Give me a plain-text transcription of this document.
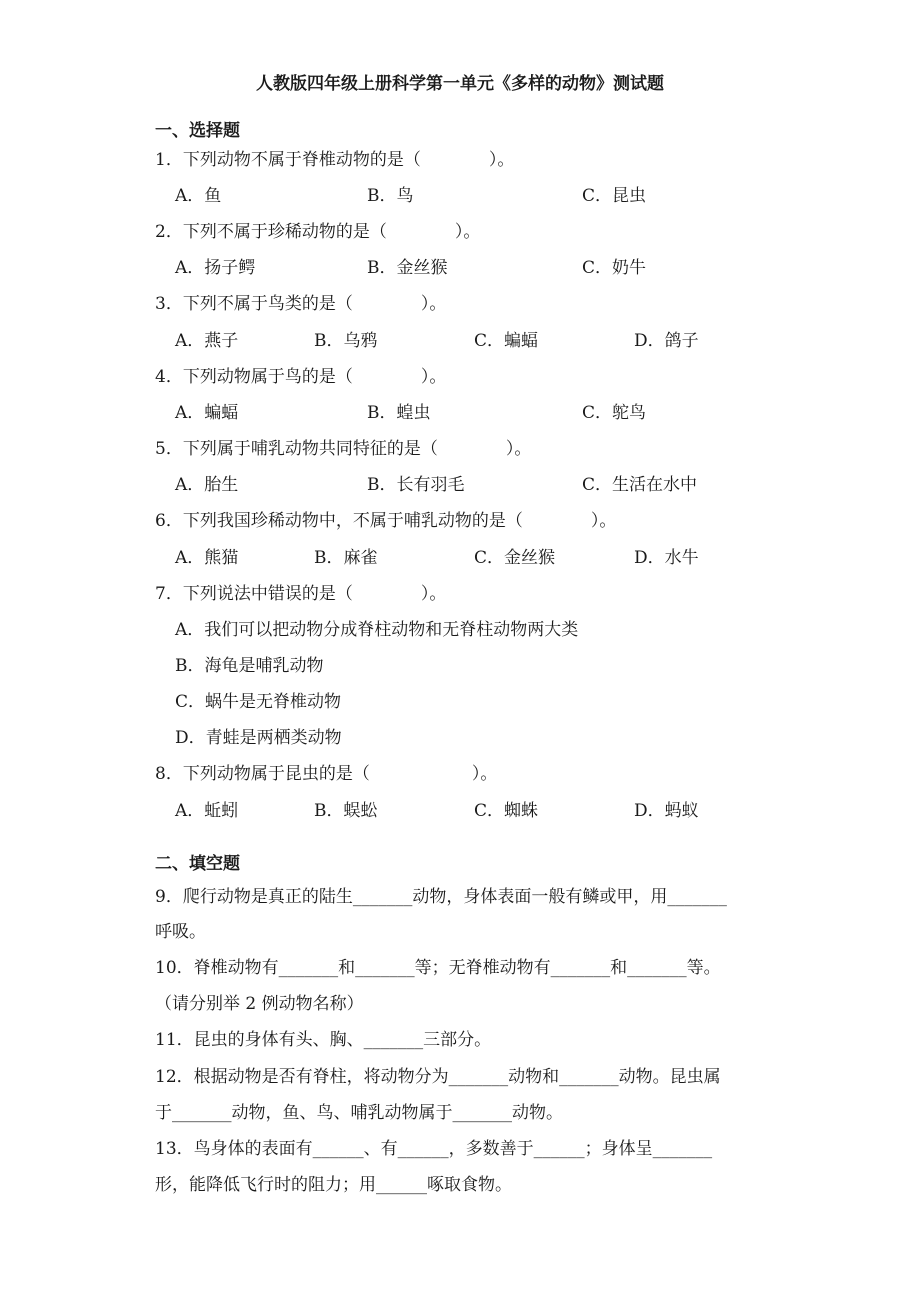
人教版四年级上册科学第一单元《多样的动物》测试题
一、选择题
1．下列动物不属于脊椎动物的是（　　　　）。
A．鱼	B．鸟	C．昆虫
2．下列不属于珍稀动物的是（　　　　）。
A．扬子鳄	B．金丝猴	C．奶牛
3．下列不属于鸟类的是（　　　　）。
A．燕子	B．乌鸦	C．蝙蝠	D．鸽子
4．下列动物属于鸟的是（　　　　）。
A．蝙蝠	B．蝗虫	C．鸵鸟
5．下列属于哺乳动物共同特征的是（　　　　）。
A．胎生	B．长有羽毛	C．生活在水中
6．下列我国珍稀动物中，不属于哺乳动物的是（　　　　）。
A．熊猫	B．麻雀	C．金丝猴	D．水牛
7．下列说法中错误的是（　　　　）。
A．我们可以把动物分成脊柱动物和无脊柱动物两大类
B．海龟是哺乳动物
C．蜗牛是无脊椎动物
D．青蛙是两栖类动物
8．下列动物属于昆虫的是（　　　　　　）。
A．蚯蚓	B．蜈蚣	C．蜘蛛	D．蚂蚁
二、填空题
9．爬行动物是真正的陆生_______动物，身体表面一般有鳞或甲，用_______
呼吸。
10．脊椎动物有_______和_______等；无脊椎动物有_______和_______等。
（请分别举 2 例动物名称）
11．昆虫的身体有头、胸、_______三部分。
12．根据动物是否有脊柱，将动物分为_______动物和_______动物。昆虫属
于_______动物，鱼、鸟、哺乳动物属于_______动物。
13．鸟身体的表面有______、有______，多数善于______；身体呈_______
形，能降低飞行时的阻力；用______啄取食物。
